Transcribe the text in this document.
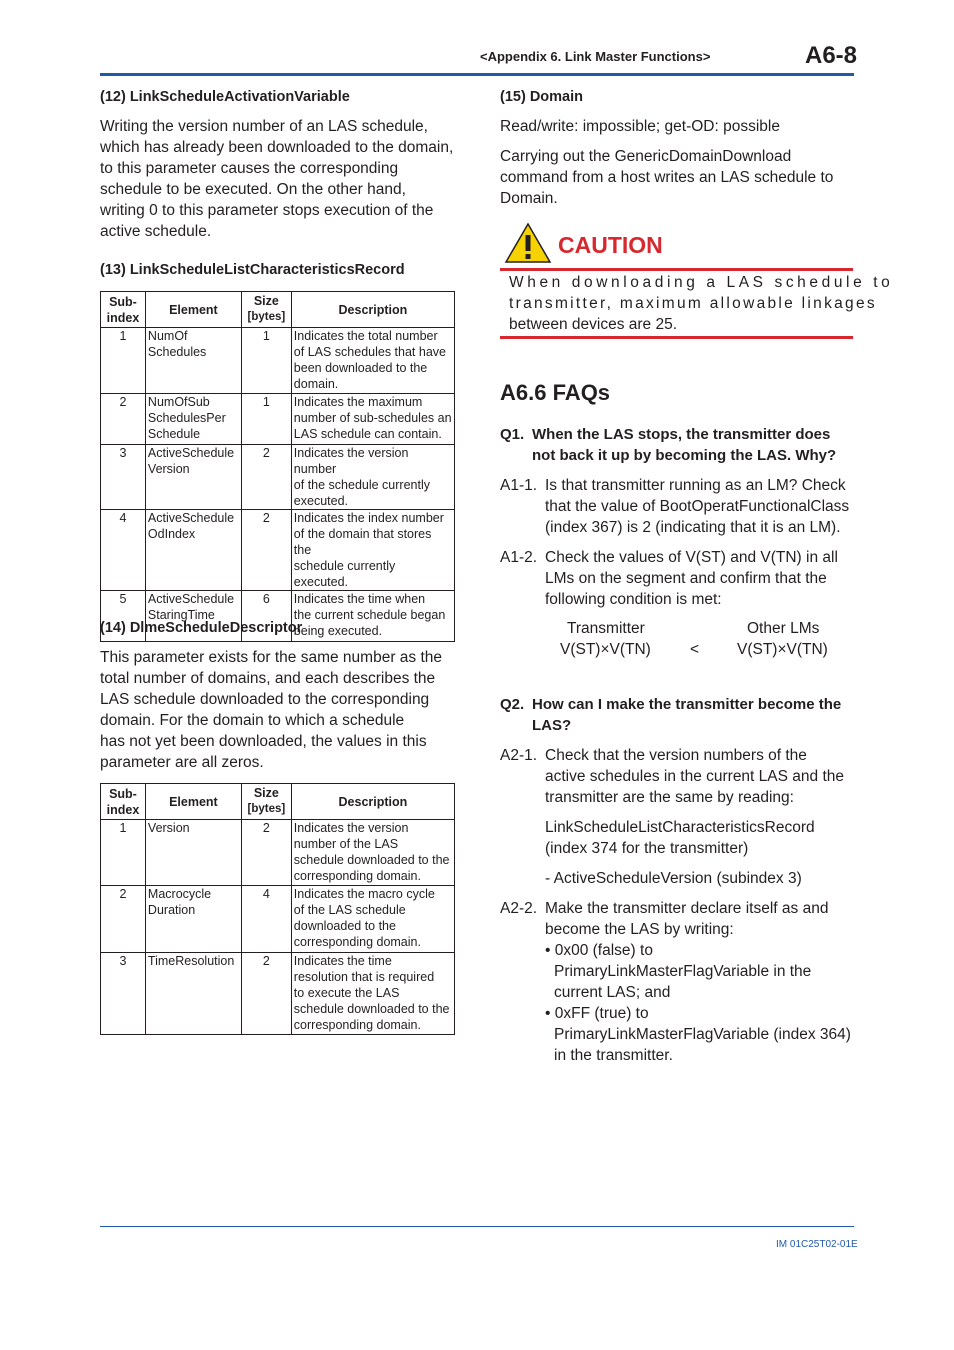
<Appendix 6. Link Master Functions>	A6-8
(12) LinkScheduleActivationVariable
Writing the version number of an LAS schedule,
which has already been downloaded to the domain,
to this parameter causes the corresponding
schedule to be executed. On the other hand,
writing 0 to this parameter stops execution of the
active schedule.
(13) LinkScheduleListCharacteristicsRecord
Sub-
index	Element	Size
[bytes]	Description
1	NumOf
Schedules	1	Indicates the total number
of LAS schedules that have
been downloaded to the
domain.
2	NumOfSub
SchedulesPer
Schedule	1	Indicates the maximum
number of sub-schedules an
LAS schedule can contain.
3	ActiveSchedule
Version	2	Indicates the version number
of the schedule currently
executed.
4	ActiveSchedule
OdIndex	2	Indicates the index number
of the domain that stores the
schedule currently executed.
5	ActiveSchedule
StaringTime	6	Indicates the time when
the current schedule began
being executed.
(14) DlmeScheduleDescriptor
This parameter exists for the same number as the
total number of domains, and each describes the
LAS schedule downloaded to the corresponding
domain. For the domain to which a schedule
has not yet been downloaded, the values in this
parameter are all zeros.
Sub-
index	Element	Size
[bytes]	Description
1	Version	2	Indicates the version
number of the LAS
schedule downloaded to the
corresponding domain.
2	Macrocycle
Duration	4	Indicates the macro cycle
of the LAS schedule
downloaded to the
corresponding domain.
3	TimeResolution	2	Indicates the time
resolution that is required
to execute the LAS
schedule downloaded to the
corresponding domain.
(15) Domain
Read/write: impossible; get-OD: possible
Carrying out the GenericDomainDownload
command from a host writes an LAS schedule to
Domain.
CAUTION
When downloading a LAS schedule to
transmitter, maximum allowable linkages
between devices are 25.
A6.6 FAQs
Q1. When the LAS stops, the transmitter does
not back it up by becoming the LAS. Why?
A1-1. Is that transmitter running as an LM? Check
that the value of BootOperatFunctionalClass
(index 367) is 2 (indicating that it is an LM).
A1-2. Check the values of V(ST) and V(TN) in all
LMs on the segment and confirm that the
following condition is met:
Transmitter
V(ST)×V(TN)	<
Other LMs
V(ST)×V(TN)
Q2. How can I make the transmitter become the
LAS?
A2-1. Check that the version numbers of the
active schedules in the current LAS and the
transmitter are the same by reading:
LinkScheduleListCharacteristicsRecord
(index 374 for the transmitter)
- ActiveScheduleVersion (subindex 3)
A2-2. Make the transmitter declare itself as and
become the LAS by writing:
• 0x00 (false) to
PrimaryLinkMasterFlagVariable in the
current LAS; and
• 0xFF (true) to
PrimaryLinkMasterFlagVariable (index 364)
in the transmitter.
IM 01C25T02-01E
